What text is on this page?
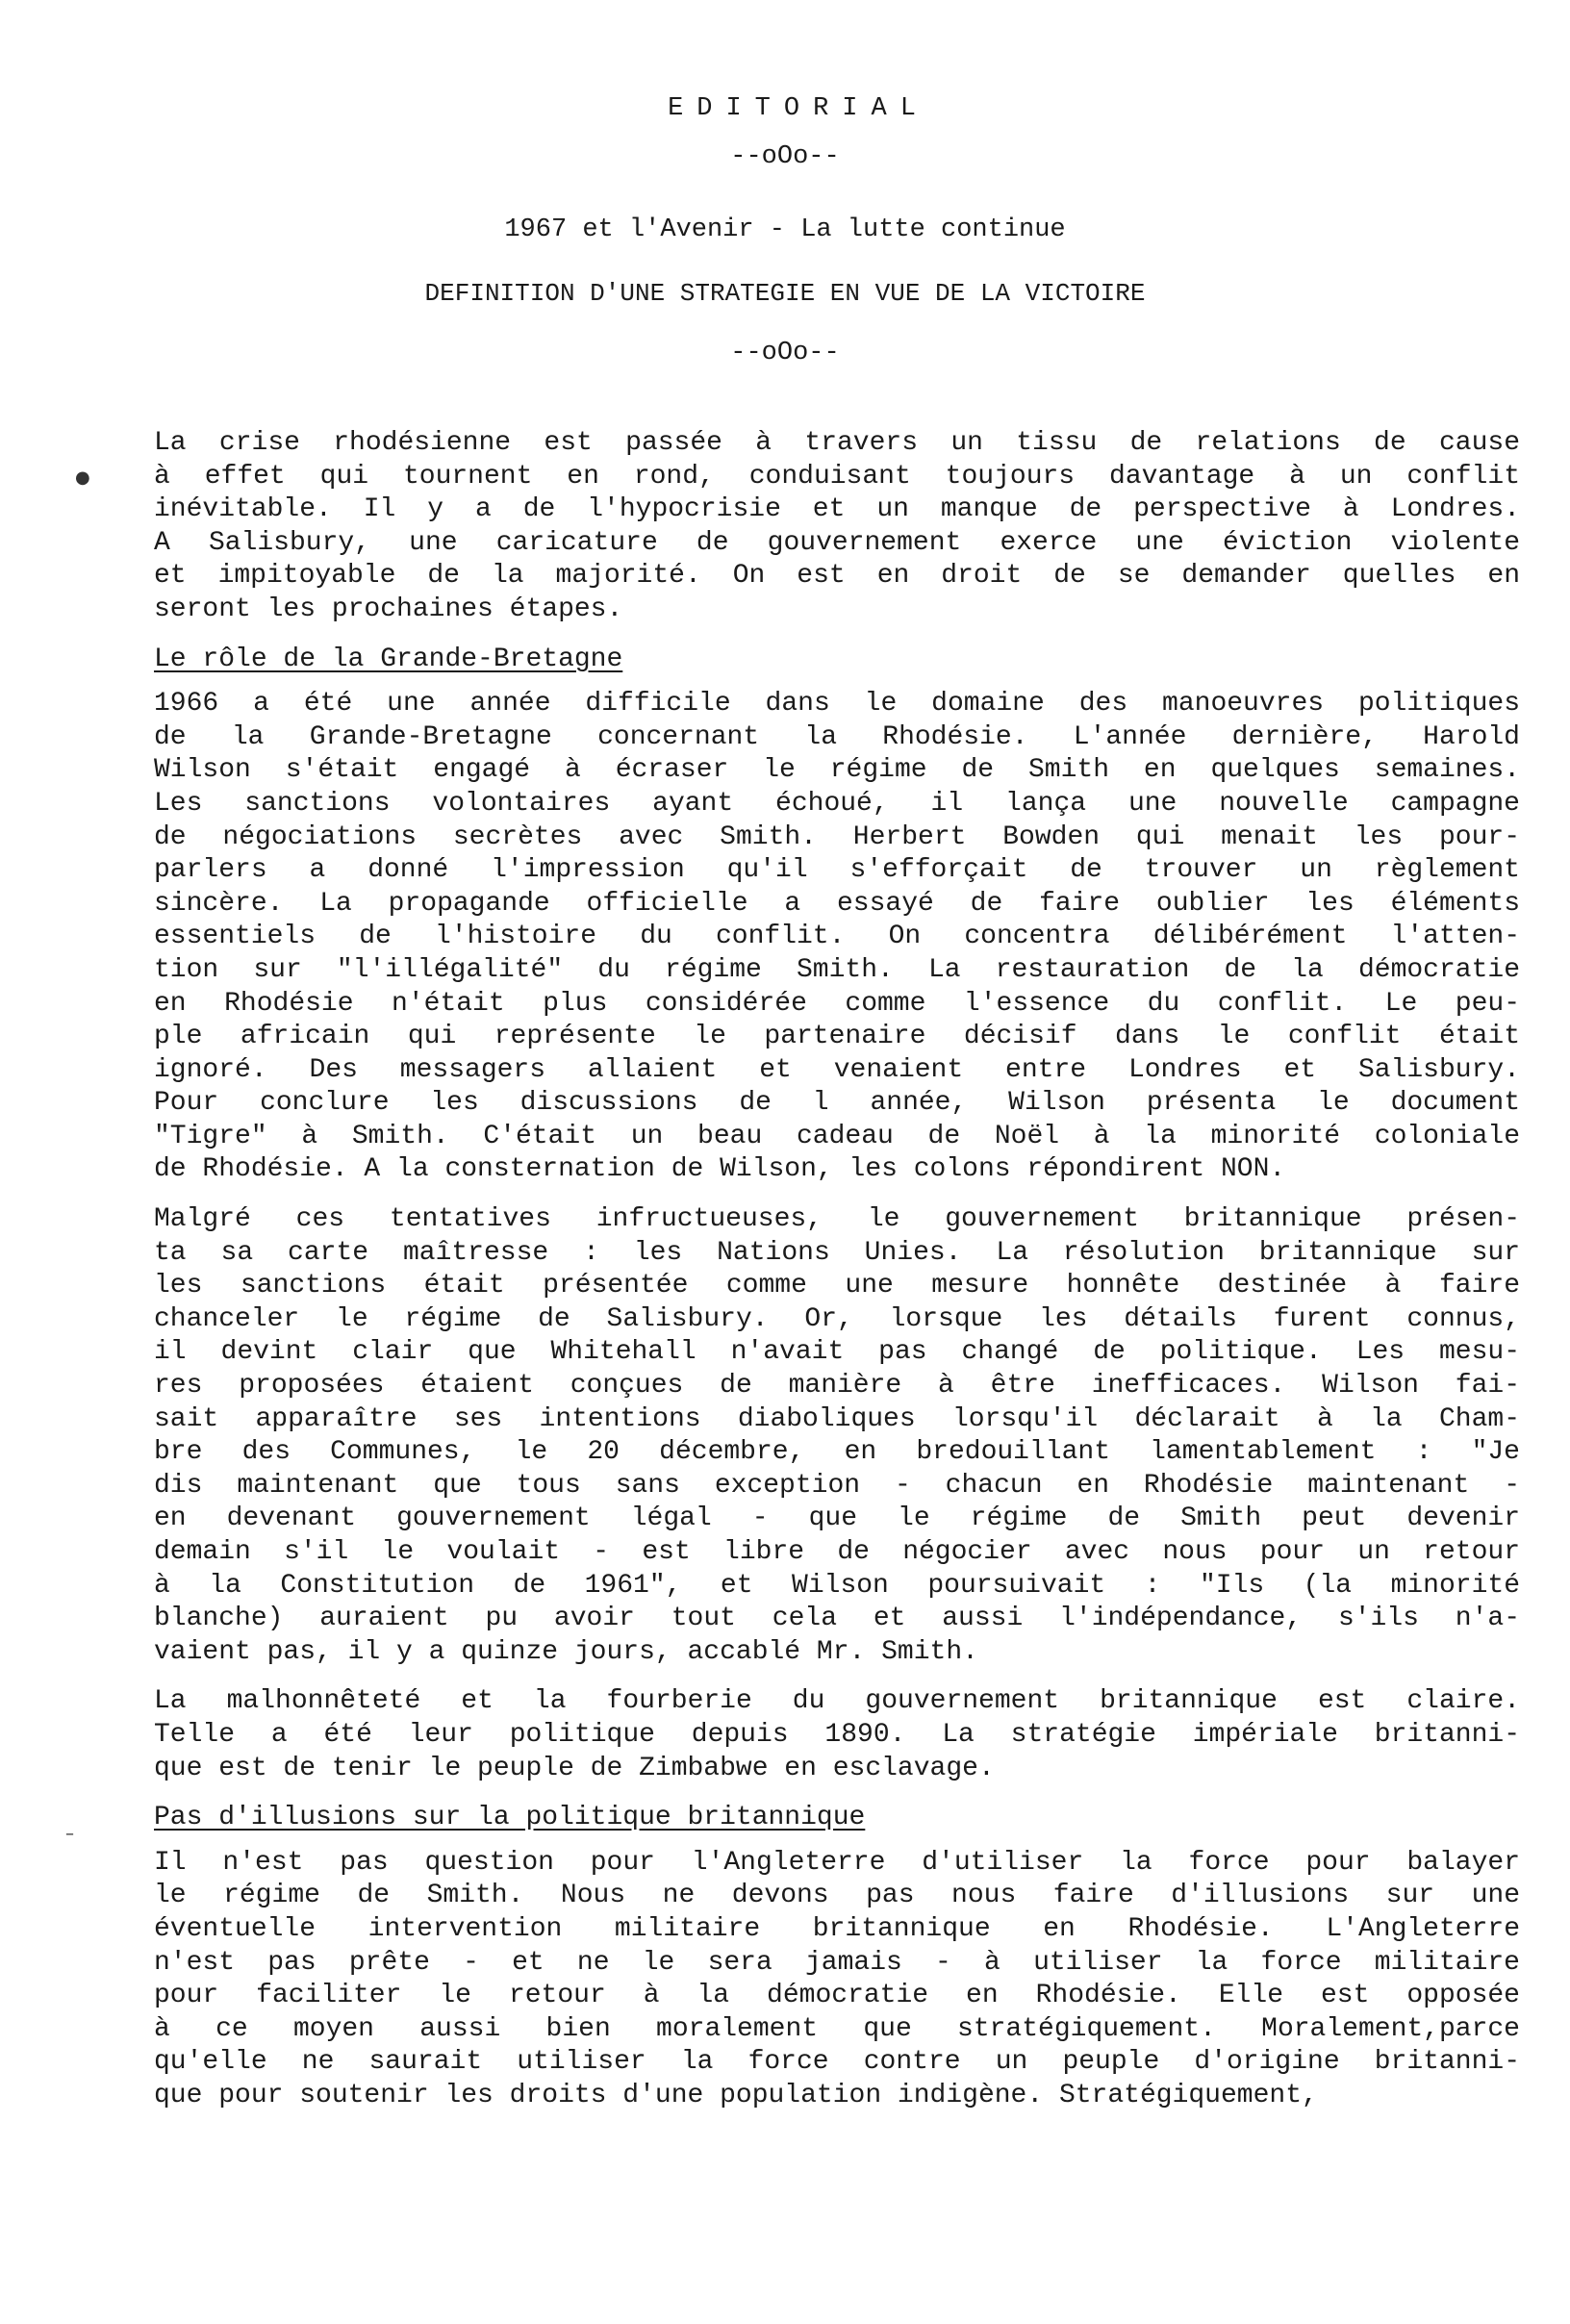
EDITORIAL
--oOo--
1967 et l'Avenir - La lutte continue
DEFINITION D'UNE STRATEGIE EN VUE DE LA VICTOIRE
--oOo--
●
–
La crise rhodésienne est passée à travers un tissu de relations de cause
à effet qui tournent en rond, conduisant toujours davantage à un conflit
inévitable. Il y a de l'hypocrisie et un manque de perspective à Londres.
A Salisbury, une caricature de gouvernement exerce une éviction violente
et impitoyable de la majorité. On est en droit de se demander quelles en
seront les prochaines étapes.
Le rôle de la Grande-Bretagne
1966 a été une année difficile dans le domaine des manoeuvres politiques
de la Grande-Bretagne concernant la Rhodésie. L'année dernière, Harold
Wilson s'était engagé à écraser le régime de Smith en quelques semaines.
Les sanctions volontaires ayant échoué, il lança une nouvelle campagne
de négociations secrètes avec Smith. Herbert Bowden qui menait les pour-
parlers a donné l'impression qu'il s'efforçait de trouver un règlement
sincère. La propagande officielle a essayé de faire oublier les éléments
essentiels de l'histoire du conflit. On concentra délibérément l'atten-
tion sur "l'illégalité" du régime Smith. La restauration de la démocratie
en Rhodésie n'était plus considérée comme l'essence du conflit. Le peu-
ple africain qui représente le partenaire décisif dans le conflit était
ignoré. Des messagers allaient et venaient entre Londres et Salisbury.
Pour conclure les discussions de l année, Wilson présenta le document
"Tigre" à Smith. C'était un beau cadeau de Noël à la minorité coloniale
de Rhodésie. A la consternation de Wilson, les colons répondirent NON.
Malgré ces tentatives infructueuses, le gouvernement britannique présen-
ta sa carte maîtresse : les Nations Unies. La résolution britannique sur
les sanctions était présentée comme une mesure honnête destinée à faire
chanceler le régime de Salisbury. Or, lorsque les détails furent connus,
il devint clair que Whitehall n'avait pas changé de politique. Les mesu-
res proposées étaient conçues de manière à être inefficaces. Wilson fai-
sait apparaître ses intentions diaboliques lorsqu'il déclarait à la Cham-
bre des Communes, le 20 décembre, en bredouillant lamentablement : "Je
dis maintenant que tous sans exception - chacun en Rhodésie maintenant -
en devenant gouvernement légal - que le régime de Smith peut devenir
demain s'il le voulait - est libre de négocier avec nous pour un retour
à la Constitution de 1961", et Wilson poursuivait : "Ils (la minorité
blanche) auraient pu avoir tout cela et aussi l'indépendance, s'ils n'a-
vaient pas, il y a quinze jours, accablé Mr. Smith.
La malhonnêteté et la fourberie du gouvernement britannique est claire.
Telle a été leur politique depuis 1890. La stratégie impériale britanni-
que est de tenir le peuple de Zimbabwe en esclavage.
Pas d'illusions sur la politique britannique
Il n'est pas question pour l'Angleterre d'utiliser la force pour balayer
le régime de Smith. Nous ne devons pas nous faire d'illusions sur une
éventuelle intervention militaire britannique en Rhodésie. L'Angleterre
n'est pas prête - et ne le sera jamais - à utiliser la force militaire
pour faciliter le retour à la démocratie en Rhodésie. Elle est opposée
à ce moyen aussi bien moralement que stratégiquement. Moralement,parce
qu'elle ne saurait utiliser la force contre un peuple d'origine britanni-
que pour soutenir les droits d'une population indigène. Stratégiquement,
